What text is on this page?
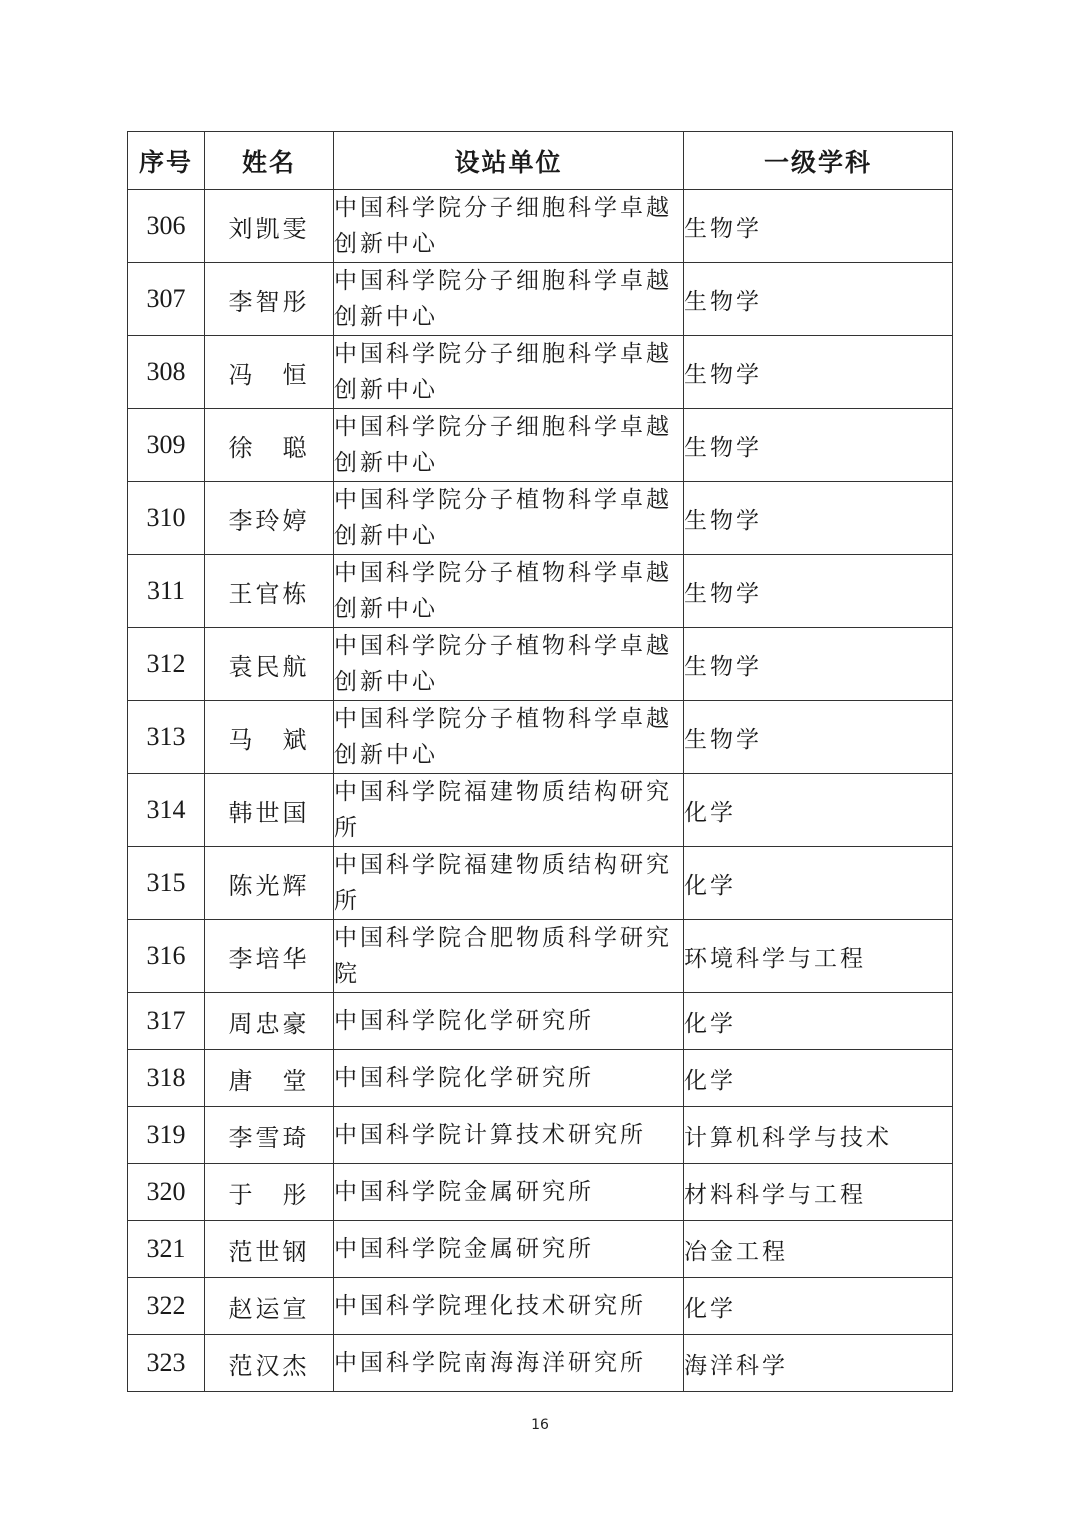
序号	姓名	设站单位	一级学科
306	刘凯雯	中国科学院分子细胞科学卓越创新中心	生物学
307	李智彤	中国科学院分子细胞科学卓越创新中心	生物学
308	冯　恒	中国科学院分子细胞科学卓越创新中心	生物学
309	徐　聪	中国科学院分子细胞科学卓越创新中心	生物学
310	李玲婷	中国科学院分子植物科学卓越创新中心	生物学
311	王官栋	中国科学院分子植物科学卓越创新中心	生物学
312	袁民航	中国科学院分子植物科学卓越创新中心	生物学
313	马　斌	中国科学院分子植物科学卓越创新中心	生物学
314	韩世国	中国科学院福建物质结构研究所	化学
315	陈光辉	中国科学院福建物质结构研究所	化学
316	李培华	中国科学院合肥物质科学研究院	环境科学与工程
317	周忠豪	中国科学院化学研究所	化学
318	唐　堂	中国科学院化学研究所	化学
319	李雪琦	中国科学院计算技术研究所	计算机科学与技术
320	于　彤	中国科学院金属研究所	材料科学与工程
321	范世钢	中国科学院金属研究所	冶金工程
322	赵运宣	中国科学院理化技术研究所	化学
323	范汉杰	中国科学院南海海洋研究所	海洋科学
16
